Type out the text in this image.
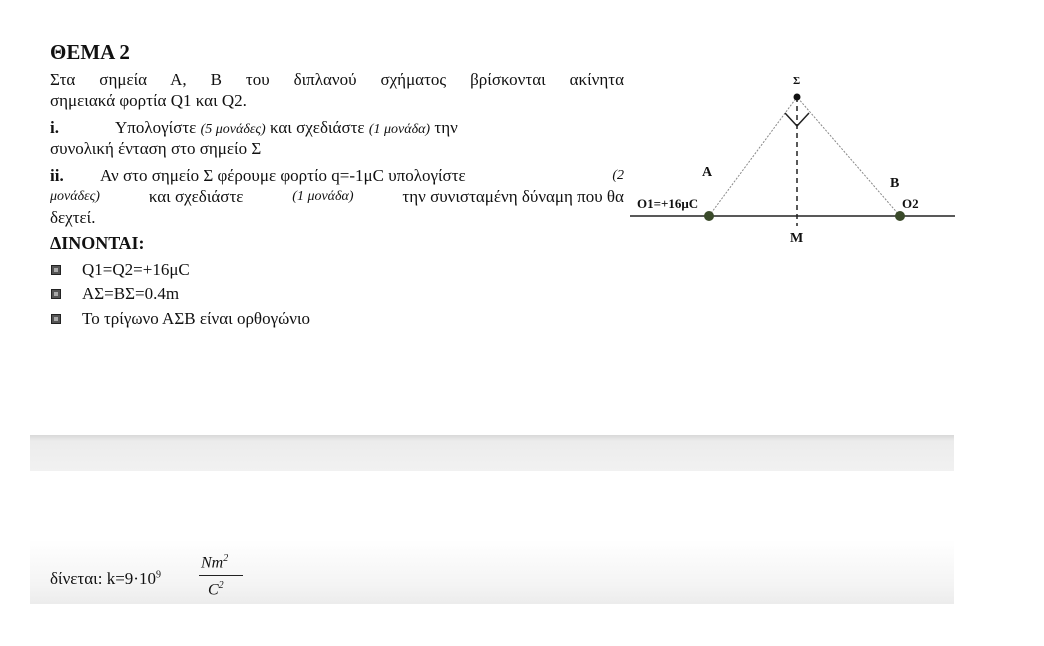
ΘΕΜΑ 2
Στα σημεία Α, Β του διπλανού σχήματος βρίσκονται ακίνητα
σημειακά φορτία Q1 και Q2.
i.	Υπολογίστε (5 μονάδες) και σχεδιάστε (1 μονάδα) την
συνολική ένταση στο σημείο Σ
ii. Αν στο σημείο Σ φέρουμε φορτίο q=-1μC υπολογίστε	(2
μονάδες)	και σχεδιάστε	(1 μονάδα)	την συνισταμένη δύναμη που θα
δεχτεί.
ΔΙΝΟΝΤΑΙ:
Q1=Q2=+16μC
ΑΣ=ΒΣ=0.4m
Το τρίγωνο ΑΣΒ είναι ορθογώνιο
Σ
Α
Β
Ο1=+16μC	Ο2
Μ
δίνεται: $k=9\cdot 10^9$
Nm$^2$
$C^2$
